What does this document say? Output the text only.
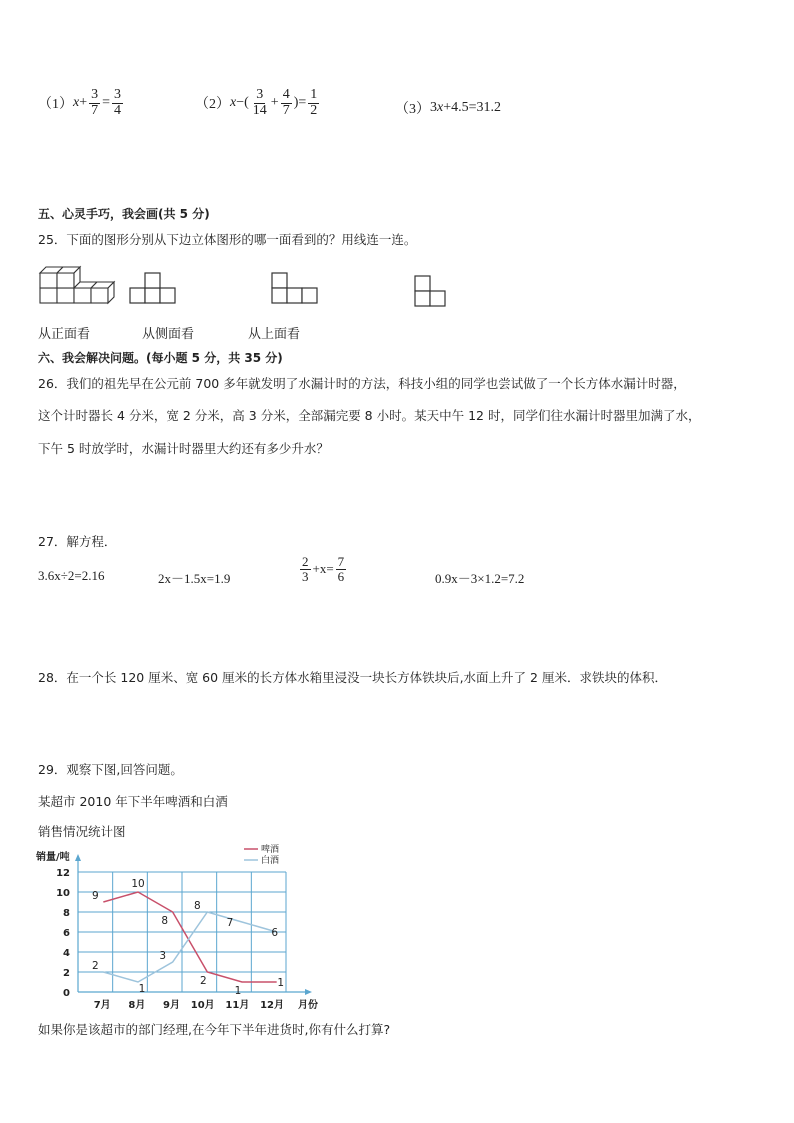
（1） $x + \frac{3}{7} = \frac{3}{4}$	（2） x −( $\frac{3}{14} + \frac{4}{7}$ ) = $\frac{1}{2}$	（3） 3 x +4.5=31.2
五、心灵手巧，我会画(共 5 分)
25．下面的图形分别从下边立体图形的哪一面看到的？用线连一连。
从正面看	从侧面看	从上面看
六、我会解决问题。(每小题 5 分，共 35 分)
26．我们的祖先早在公元前 700 多年就发明了水漏计时的方法，科技小组的同学也尝试做了一个长方体水漏计时器，
这个计时器长 4 分米，宽 2 分米，高 3 分米，全部漏完要 8 小时。某天中午 12 时，同学们往水漏计时器里加满了水，
下午 5 时放学时，水漏计时器里大约还有多少升水？
27．解方程．
3.6x÷2=2.16	2x－1.5x=1.9	$\frac{2}{3} +x= \frac{7}{6}$	0.9x－3×1.2=7.2
28．在一个长 120 厘米、宽 60 厘米的长方体水箱里浸没一块长方体铁块后,水面上升了 2 厘米．求铁块的体积．
29．观察下图,回答问题。
某超市 2010 年下半年啤酒和白酒
销售情况统计图
0
2
4
6
8
10
12
销量/吨
月份
7月 8月 9月 10月 11月 12月
9
10
8
2
1
1
2
1
3
8
7
6
啤酒
白酒
如果你是该超市的部门经理,在今年下半年进货时,你有什么打算?
